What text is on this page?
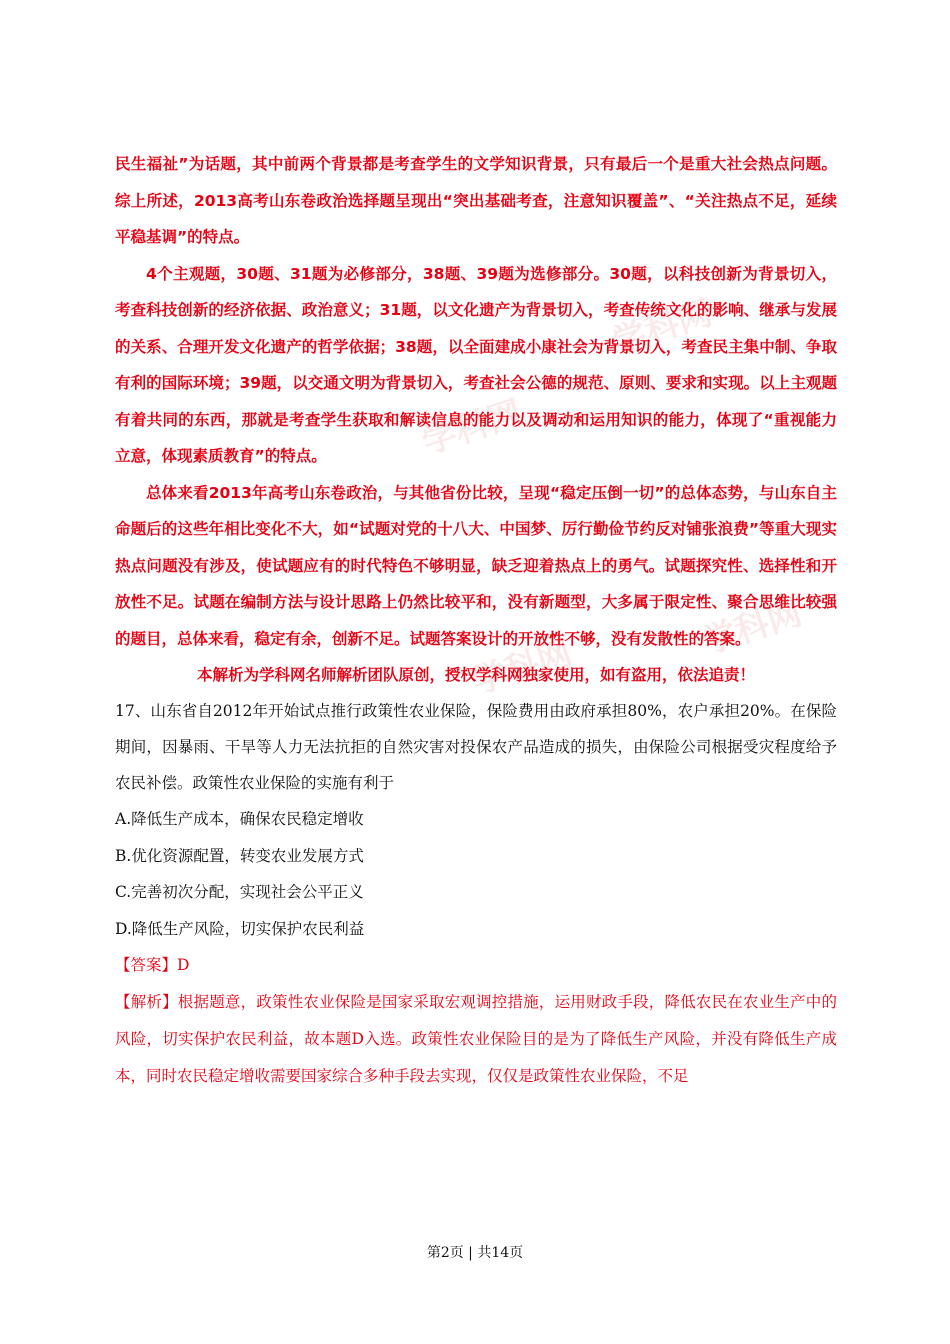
学科网
学科网
学科网
学科网

民生福祉”为话题，其中前两个背景都是考查学生的文学知识背景，只有最后一个是重大社会热点问题。综上所述，2013高考山东卷政治选择题呈现出“突出基础考查，注意知识覆盖”、“关注热点不足，延续平稳基调”的特点。

4个主观题，30题、31题为必修部分，38题、39题为选修部分。30题，以科技创新为背景切入，考查科技创新的经济依据、政治意义；31题，以文化遗产为背景切入，考查传统文化的影响、继承与发展的关系、合理开发文化遗产的哲学依据；38题，以全面建成小康社会为背景切入，考查民主集中制、争取有利的国际环境；39题，以交通文明为背景切入，考查社会公德的规范、原则、要求和实现。以上主观题有着共同的东西，那就是考查学生获取和解读信息的能力以及调动和运用知识的能力，体现了“重视能力立意，体现素质教育”的特点。

总体来看2013年高考山东卷政治，与其他省份比较，呈现“稳定压倒一切”的总体态势，与山东自主命题后的这些年相比变化不大，如“试题对党的十八大、中国梦、厉行勤俭节约反对铺张浪费”等重大现实热点问题没有涉及，使试题应有的时代特色不够明显，缺乏迎着热点上的勇气。试题探究性、选择性和开放性不足。试题在编制方法与设计思路上仍然比较平和，没有新题型，大多属于限定性、聚合思维比较强的题目，总体来看，稳定有余，创新不足。试题答案设计的开放性不够，没有发散性的答案。

本解析为学科网名师解析团队原创，授权学科网独家使用，如有盗用，依法追责！

17、山东省自2012年开始试点推行政策性农业保险，保险费用由政府承担80%，农户承担20%。在保险期间，因暴雨、干旱等人力无法抗拒的自然灾害对投保农产品造成的损失，由保险公司根据受灾程度给予农民补偿。政策性农业保险的实施有利于

A.降低生产成本，确保农民稳定增收

B.优化资源配置，转变农业发展方式

C.完善初次分配，实现社会公平正义

D.降低生产风险，切实保护农民利益

【答案】D

【解析】根据题意，政策性农业保险是国家采取宏观调控措施，运用财政手段，降低农民在农业生产中的风险，切实保护农民利益，故本题D入选。政策性农业保险目的是为了降低生产风险，并没有降低生产成本，同时农民稳定增收需要国家综合多种手段去实现，仅仅是政策性农业保险，不足

第2页 | 共14页
